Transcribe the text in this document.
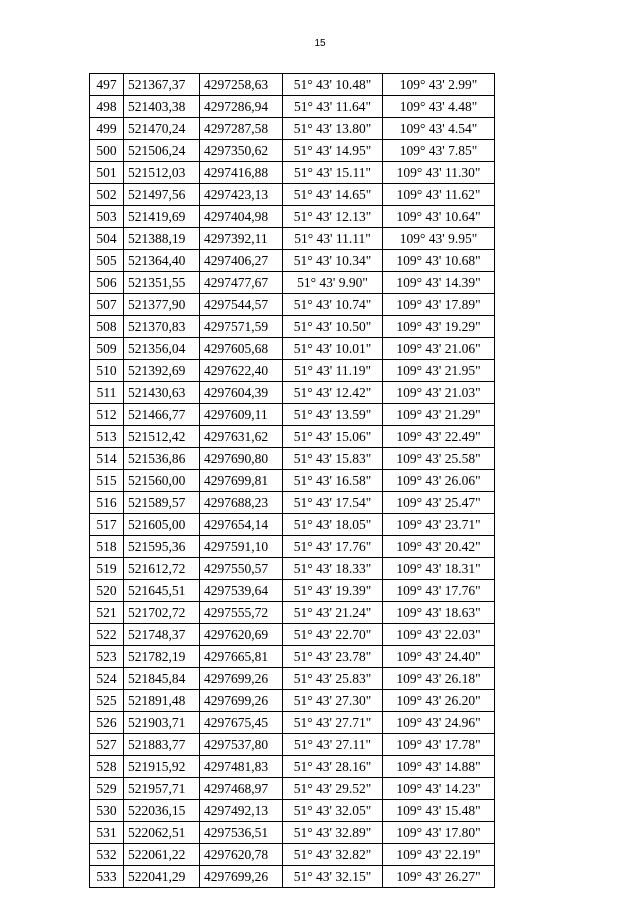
15
497	521367,37	4297258,63	51° 43' 10.48"	109° 43' 2.99"
498	521403,38	4297286,94	51° 43' 11.64"	109° 43' 4.48"
499	521470,24	4297287,58	51° 43' 13.80"	109° 43' 4.54"
500	521506,24	4297350,62	51° 43' 14.95"	109° 43' 7.85"
501	521512,03	4297416,88	51° 43' 15.11"	109° 43' 11.30"
502	521497,56	4297423,13	51° 43' 14.65"	109° 43' 11.62"
503	521419,69	4297404,98	51° 43' 12.13"	109° 43' 10.64"
504	521388,19	4297392,11	51° 43' 11.11"	109° 43' 9.95"
505	521364,40	4297406,27	51° 43' 10.34"	109° 43' 10.68"
506	521351,55	4297477,67	51° 43' 9.90"	109° 43' 14.39"
507	521377,90	4297544,57	51° 43' 10.74"	109° 43' 17.89"
508	521370,83	4297571,59	51° 43' 10.50"	109° 43' 19.29"
509	521356,04	4297605,68	51° 43' 10.01"	109° 43' 21.06"
510	521392,69	4297622,40	51° 43' 11.19"	109° 43' 21.95"
511	521430,63	4297604,39	51° 43' 12.42"	109° 43' 21.03"
512	521466,77	4297609,11	51° 43' 13.59"	109° 43' 21.29"
513	521512,42	4297631,62	51° 43' 15.06"	109° 43' 22.49"
514	521536,86	4297690,80	51° 43' 15.83"	109° 43' 25.58"
515	521560,00	4297699,81	51° 43' 16.58"	109° 43' 26.06"
516	521589,57	4297688,23	51° 43' 17.54"	109° 43' 25.47"
517	521605,00	4297654,14	51° 43' 18.05"	109° 43' 23.71"
518	521595,36	4297591,10	51° 43' 17.76"	109° 43' 20.42"
519	521612,72	4297550,57	51° 43' 18.33"	109° 43' 18.31"
520	521645,51	4297539,64	51° 43' 19.39"	109° 43' 17.76"
521	521702,72	4297555,72	51° 43' 21.24"	109° 43' 18.63"
522	521748,37	4297620,69	51° 43' 22.70"	109° 43' 22.03"
523	521782,19	4297665,81	51° 43' 23.78"	109° 43' 24.40"
524	521845,84	4297699,26	51° 43' 25.83"	109° 43' 26.18"
525	521891,48	4297699,26	51° 43' 27.30"	109° 43' 26.20"
526	521903,71	4297675,45	51° 43' 27.71"	109° 43' 24.96"
527	521883,77	4297537,80	51° 43' 27.11"	109° 43' 17.78"
528	521915,92	4297481,83	51° 43' 28.16"	109° 43' 14.88"
529	521957,71	4297468,97	51° 43' 29.52"	109° 43' 14.23"
530	522036,15	4297492,13	51° 43' 32.05"	109° 43' 15.48"
531	522062,51	4297536,51	51° 43' 32.89"	109° 43' 17.80"
532	522061,22	4297620,78	51° 43' 32.82"	109° 43' 22.19"
533	522041,29	4297699,26	51° 43' 32.15"	109° 43' 26.27"
